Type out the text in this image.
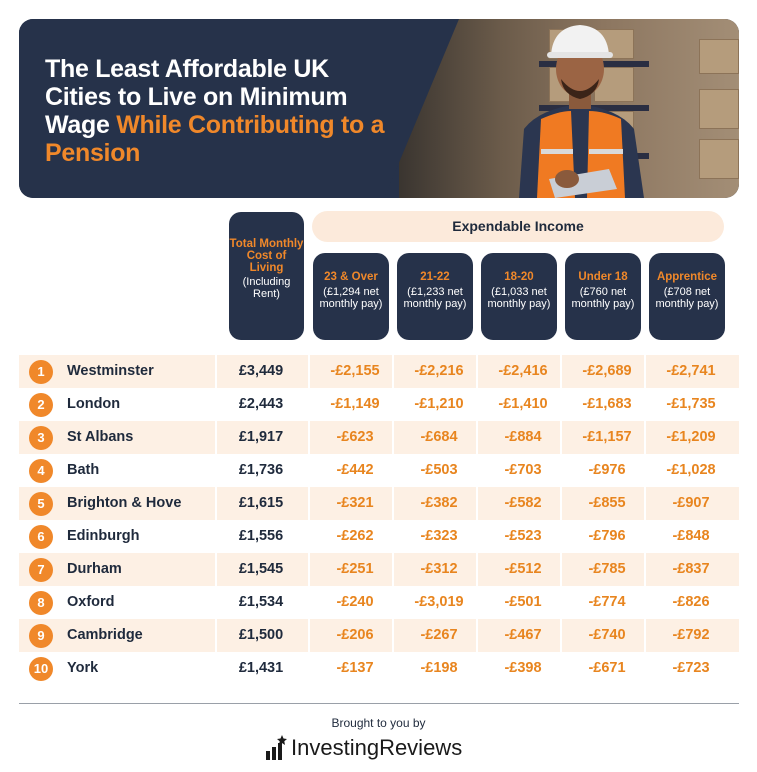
The Least Affordable UK Cities to Live on Minimum Wage While Contributing to a Pension
Total Monthly Cost of Living
(Including Rent)
Expendable Income
23 & Over
(£1,294 net monthly pay)
21-22
(£1,233 net monthly pay)
18-20
(£1,033 net monthly pay)
Under 18
(£760 net monthly pay)
Apprentice
(£708 net monthly pay)
1	Westminster	£3,449	-£2,155	-£2,216	-£2,416	-£2,689	-£2,741
2	London	£2,443	-£1,149	-£1,210	-£1,410	-£1,683	-£1,735
3	St Albans	£1,917	-£623	-£684	-£884	-£1,157	-£1,209
4	Bath	£1,736	-£442	-£503	-£703	-£976	-£1,028
5	Brighton & Hove	£1,615	-£321	-£382	-£582	-£855	-£907
6	Edinburgh	£1,556	-£262	-£323	-£523	-£796	-£848
7	Durham	£1,545	-£251	-£312	-£512	-£785	-£837
8	Oxford	£1,534	-£240	-£3,019	-£501	-£774	-£826
9	Cambridge	£1,500	-£206	-£267	-£467	-£740	-£792
10	York	£1,431	-£137	-£198	-£398	-£671	-£723
Brought to you by
InvestingReviews
